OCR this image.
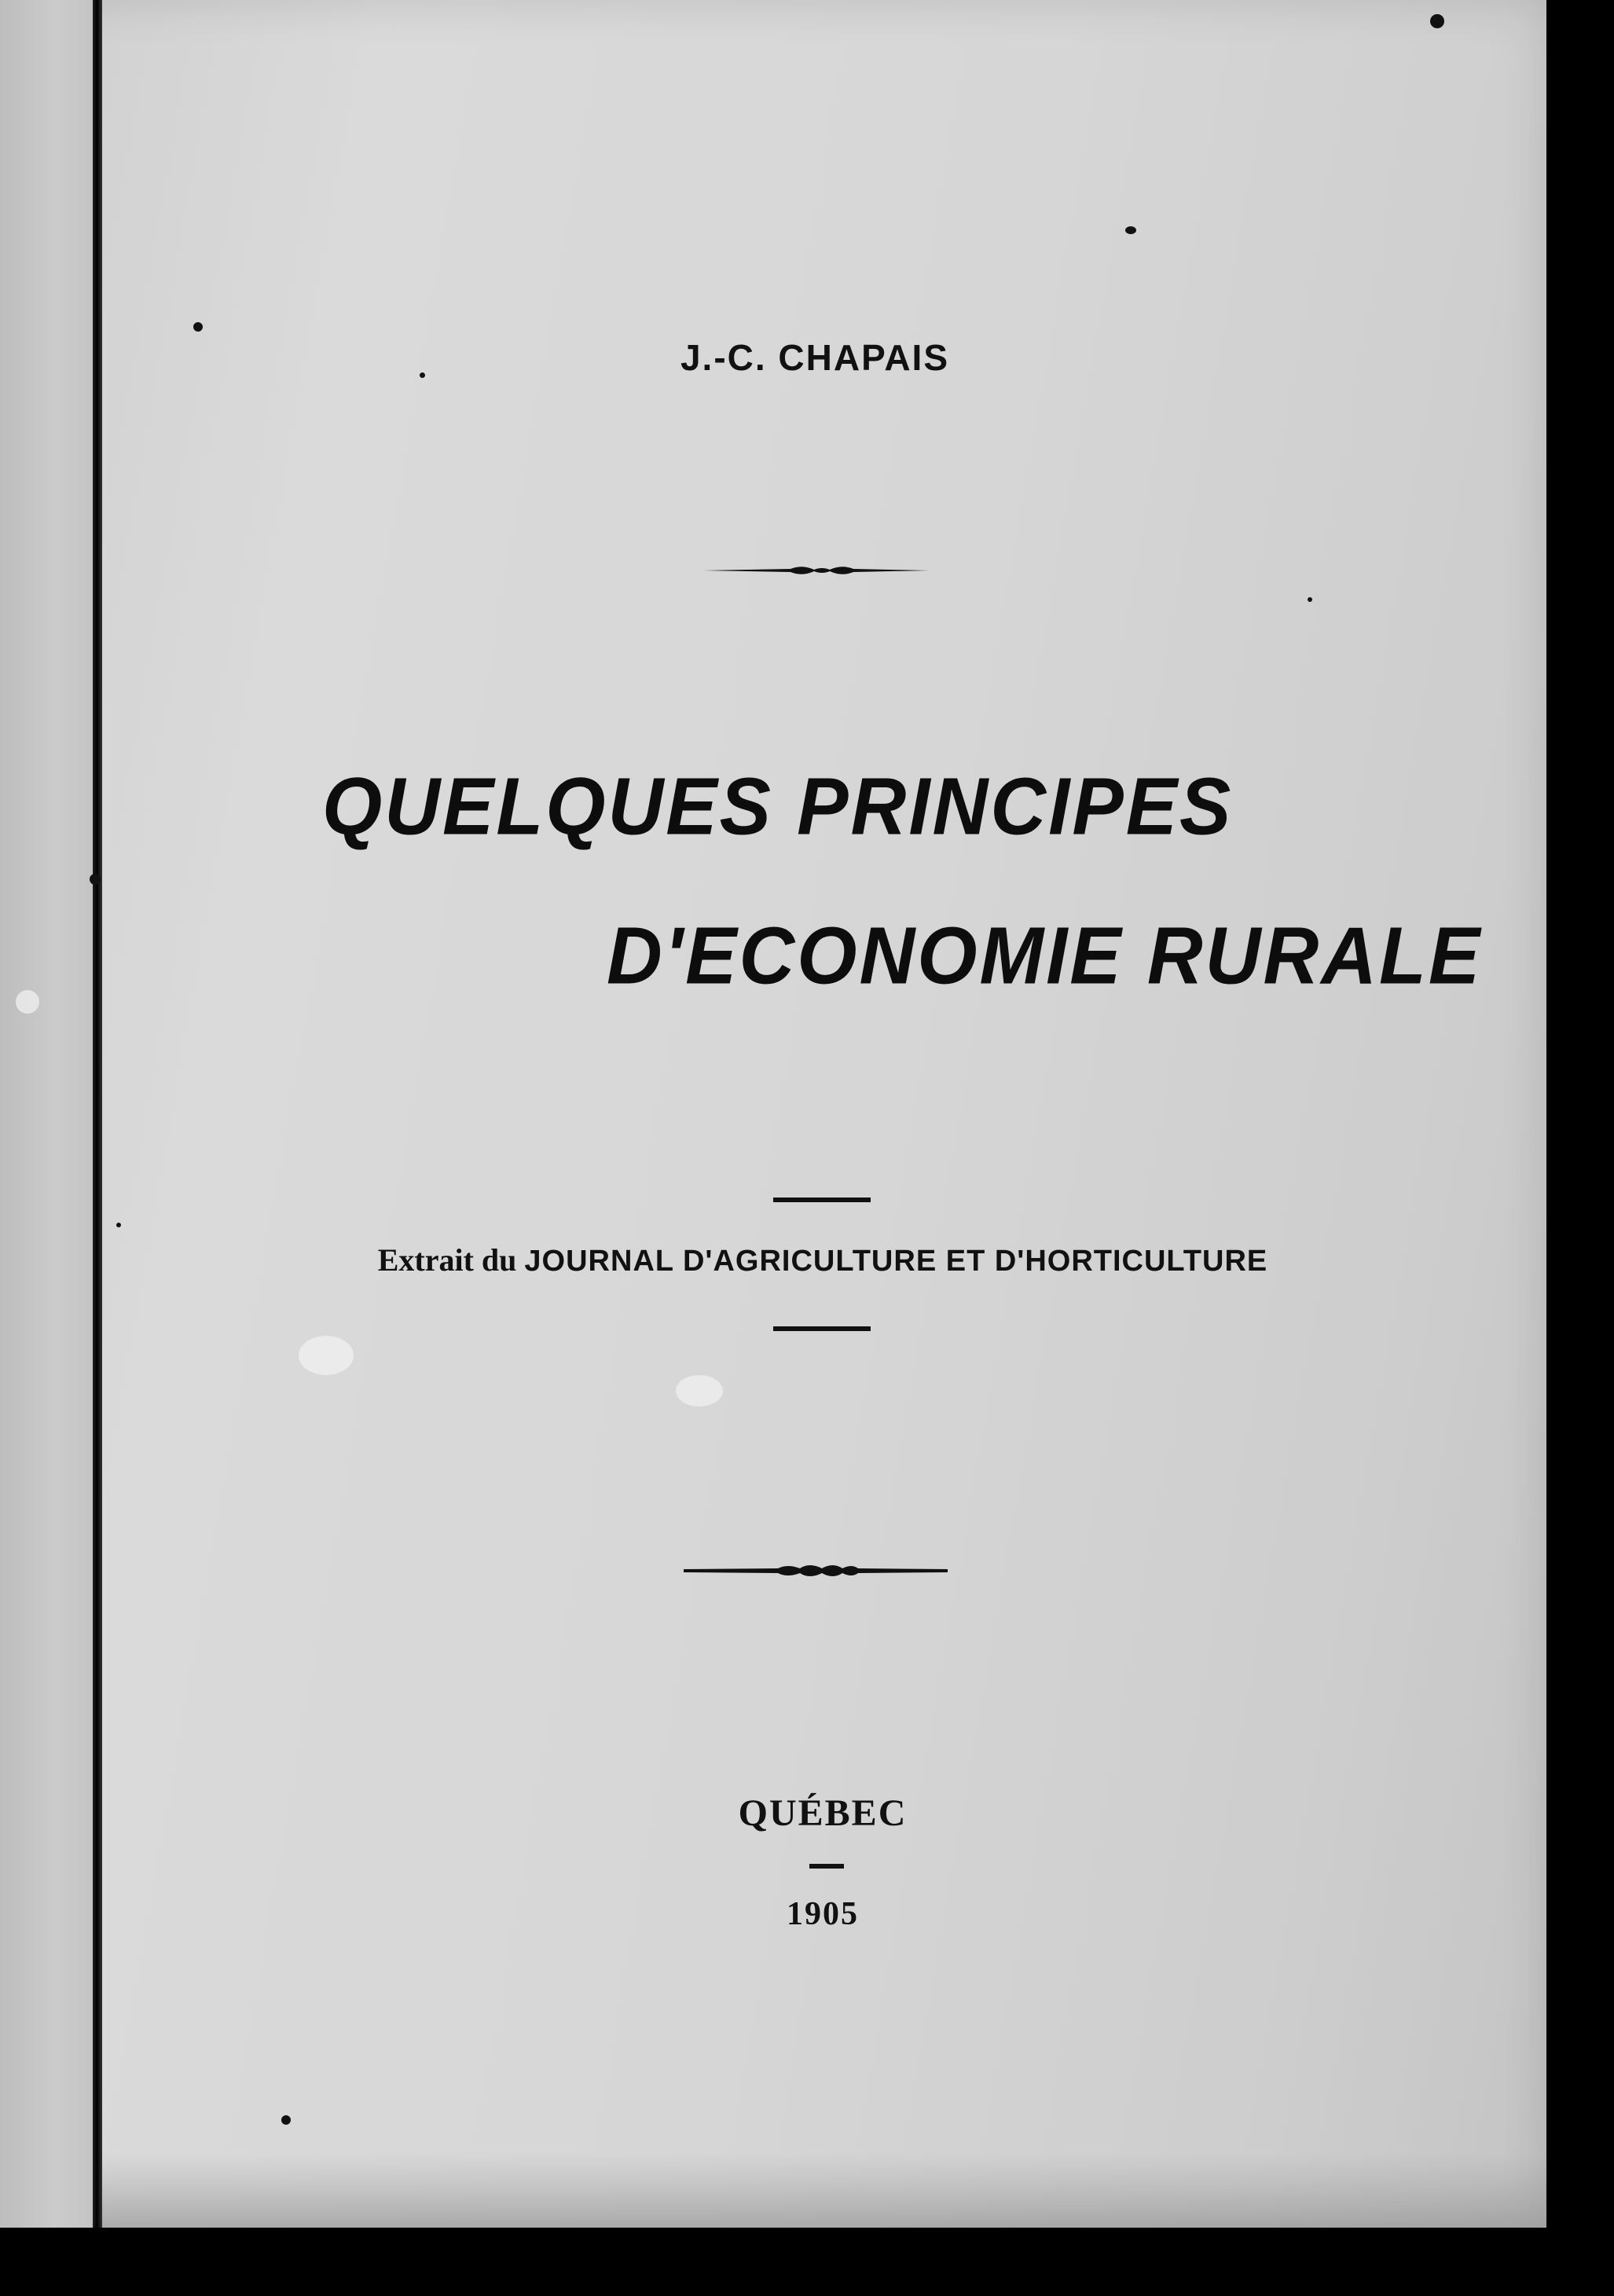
J.-C. CHAPAIS
QUELQUES PRINCIPES
D'ECONOMIE RURALE
Extrait du JOURNAL D'AGRICULTURE ET D'HORTICULTURE
QUÉBEC
1905
